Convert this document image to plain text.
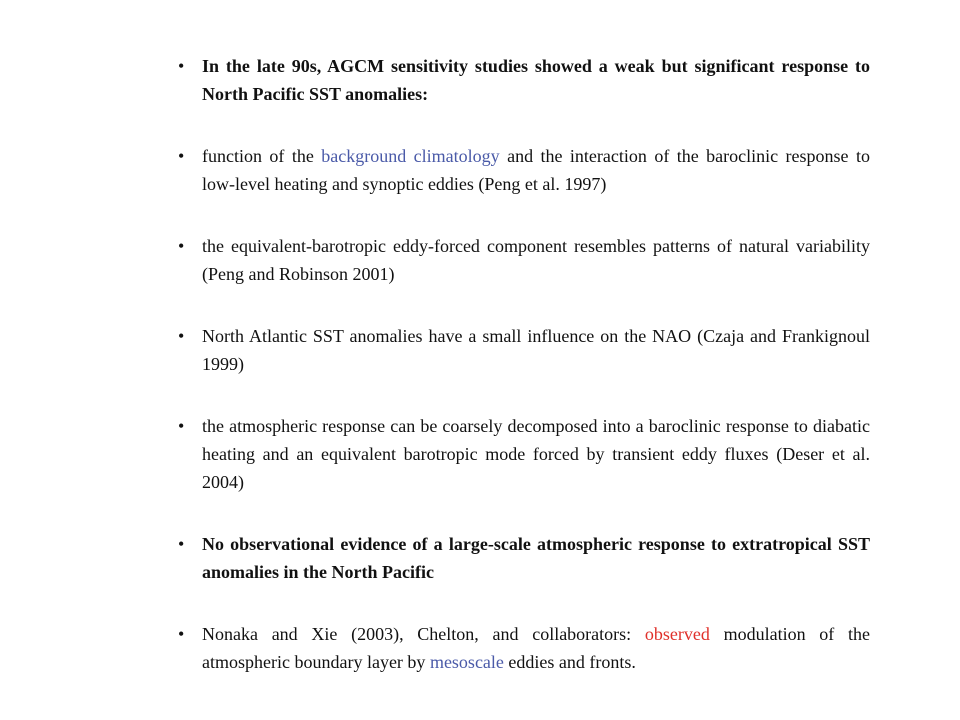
• In the late 90s, AGCM sensitivity studies showed a weak but significant response to North Pacific SST anomalies:
• function of the background climatology and the interaction of the baroclinic response to low-level heating and synoptic eddies (Peng et al. 1997)
• the equivalent-barotropic eddy-forced component resembles patterns of natural variability (Peng and Robinson 2001)
• North Atlantic SST anomalies have a small influence on the NAO (Czaja and Frankignoul 1999)
• the atmospheric response can be coarsely decomposed into a baroclinic response to diabatic heating and an equivalent barotropic mode forced by transient eddy fluxes (Deser et al. 2004)
• No observational evidence of a large-scale atmospheric response to extratropical SST anomalies in the North Pacific
• Nonaka and Xie (2003), Chelton, and collaborators: observed modulation of the atmospheric boundary layer by mesoscale eddies and fronts.
